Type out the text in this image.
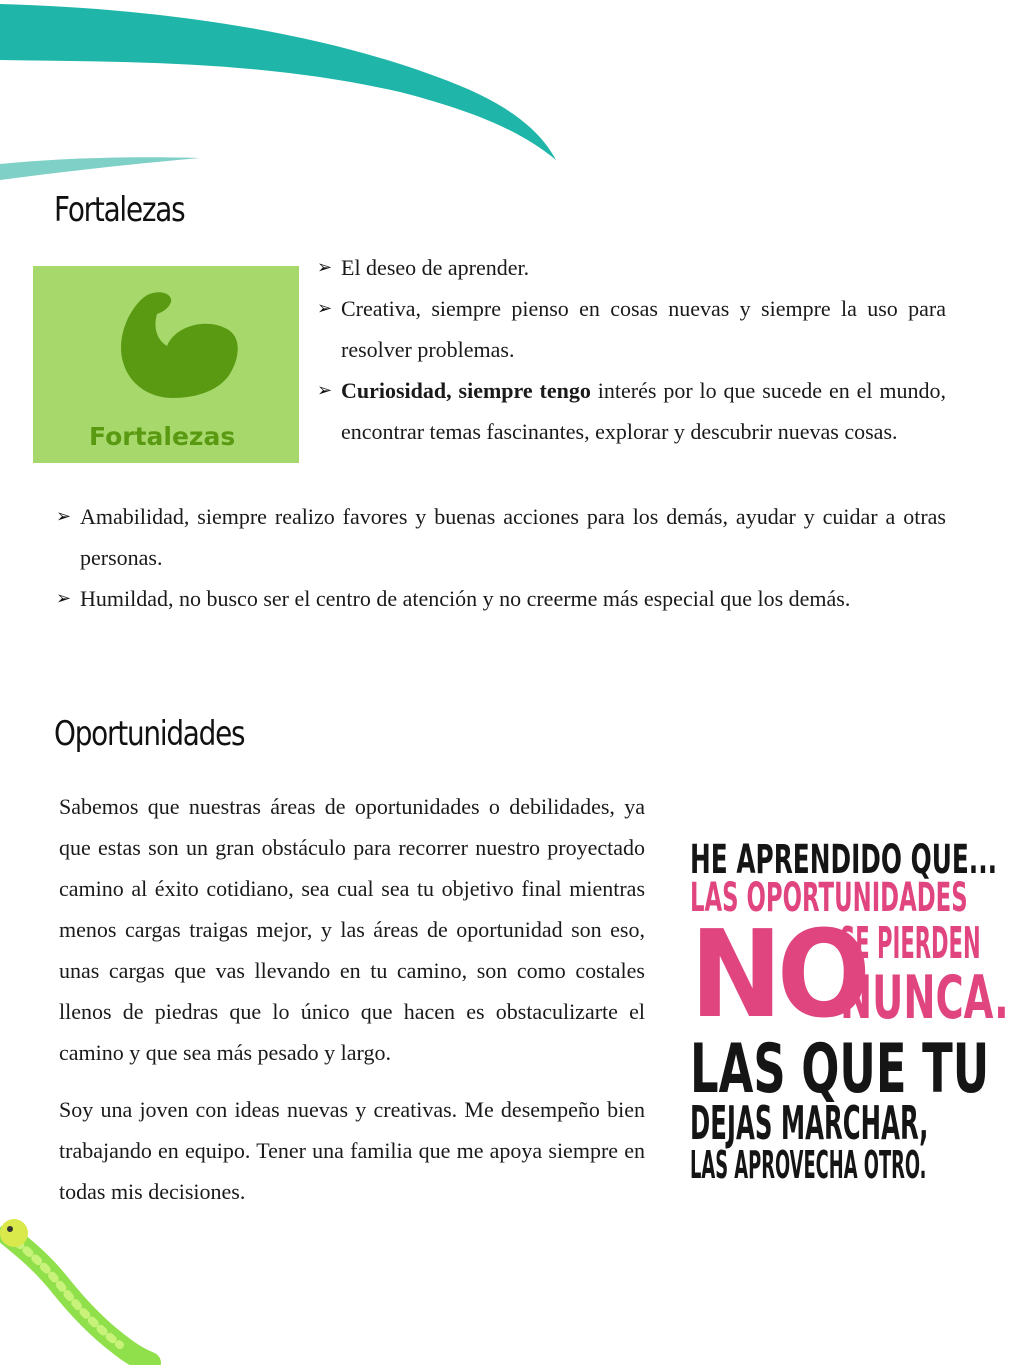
Fortalezas
Fortalezas
➢ El deseo de aprender.
➢ Creativa, siempre pienso en cosas nuevas y siempre la uso para resolver problemas.
➢ Curiosidad, siempre tengo interés por lo que sucede en el mundo, encontrar temas fascinantes, explorar y descubrir nuevas cosas.
➢ Amabilidad, siempre realizo favores y buenas acciones para los demás, ayudar y cuidar a otras personas.
➢ Humildad, no busco ser el centro de atención y no creerme más especial que los demás.
Oportunidades

Sabemos que nuestras áreas de oportunidades o debilidades, ya que estas son un gran obstáculo para recorrer nuestro proyectado camino al éxito cotidiano, sea cual sea tu objetivo final mientras menos cargas traigas mejor, y las áreas de oportunidad son eso, unas cargas que vas llevando en tu camino, son como costales llenos de piedras que lo único que hacen es obstaculizarte el camino y que sea más pesado y largo.

Soy una joven con ideas nuevas y creativas. Me desempeño bien trabajando en equipo. Tener una familia que me apoya siempre en todas mis decisiones.

HE APRENDIDO QUE...
LAS OPORTUNIDADES
NO
SE PIERDEN
NUNCA.
LAS QUE TU
DEJAS MARCHAR,
LAS APROVECHA OTRO.
